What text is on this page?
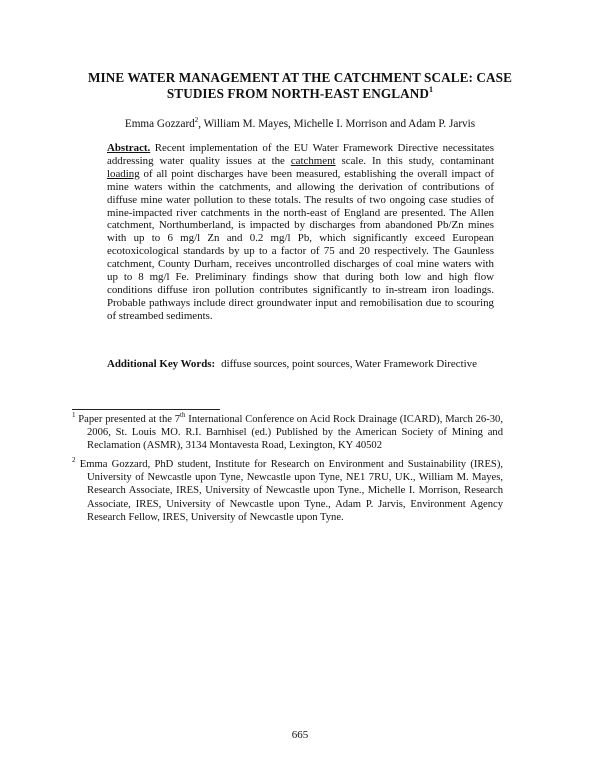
MINE WATER MANAGEMENT AT THE CATCHMENT SCALE: CASE STUDIES FROM NORTH-EAST ENGLAND$^1$
Emma Gozzard$^2$, William M. Mayes, Michelle I. Morrison and Adam P. Jarvis

Abstract. Recent implementation of the EU Water Framework Directive necessitates addressing water quality issues at the catchment scale. In this study, contaminant loading of all point discharges have been measured, establishing the overall impact of mine waters within the catchments, and allowing the derivation of contributions of diffuse mine water pollution to these totals. The results of two ongoing case studies of mine-impacted river catchments in the north-east of England are presented. The Allen catchment, Northumberland, is impacted by discharges from abandoned Pb/Zn mines with up to 6 mg/l Zn and 0.2 mg/l Pb, which significantly exceed European ecotoxicological standards by up to a factor of 75 and 20 respectively. The Gaunless catchment, County Durham, receives uncontrolled discharges of coal mine waters with up to 8 mg/l Fe. Preliminary findings show that during both low and high flow conditions diffuse iron pollution contributes significantly to in-stream iron loadings. Probable pathways include direct groundwater input and remobilisation due to scouring of streambed sediments.

Additional Key Words: diffuse sources, point sources, Water Framework Directive

$^1$ Paper presented at the 7th International Conference on Acid Rock Drainage (ICARD), March 26-30, 2006, St. Louis MO. R.I. Barnhisel (ed.) Published by the American Society of Mining and Reclamation (ASMR), 3134 Montavesta Road, Lexington, KY 40502

$^2$ Emma Gozzard, PhD student, Institute for Research on Environment and Sustainability (IRES), University of Newcastle upon Tyne, Newcastle upon Tyne, NE1 7RU, UK., William M. Mayes, Research Associate, IRES, University of Newcastle upon Tyne., Michelle I. Morrison, Research Associate, IRES, University of Newcastle upon Tyne., Adam P. Jarvis, Environment Agency Research Fellow, IRES, University of Newcastle upon Tyne.

665
